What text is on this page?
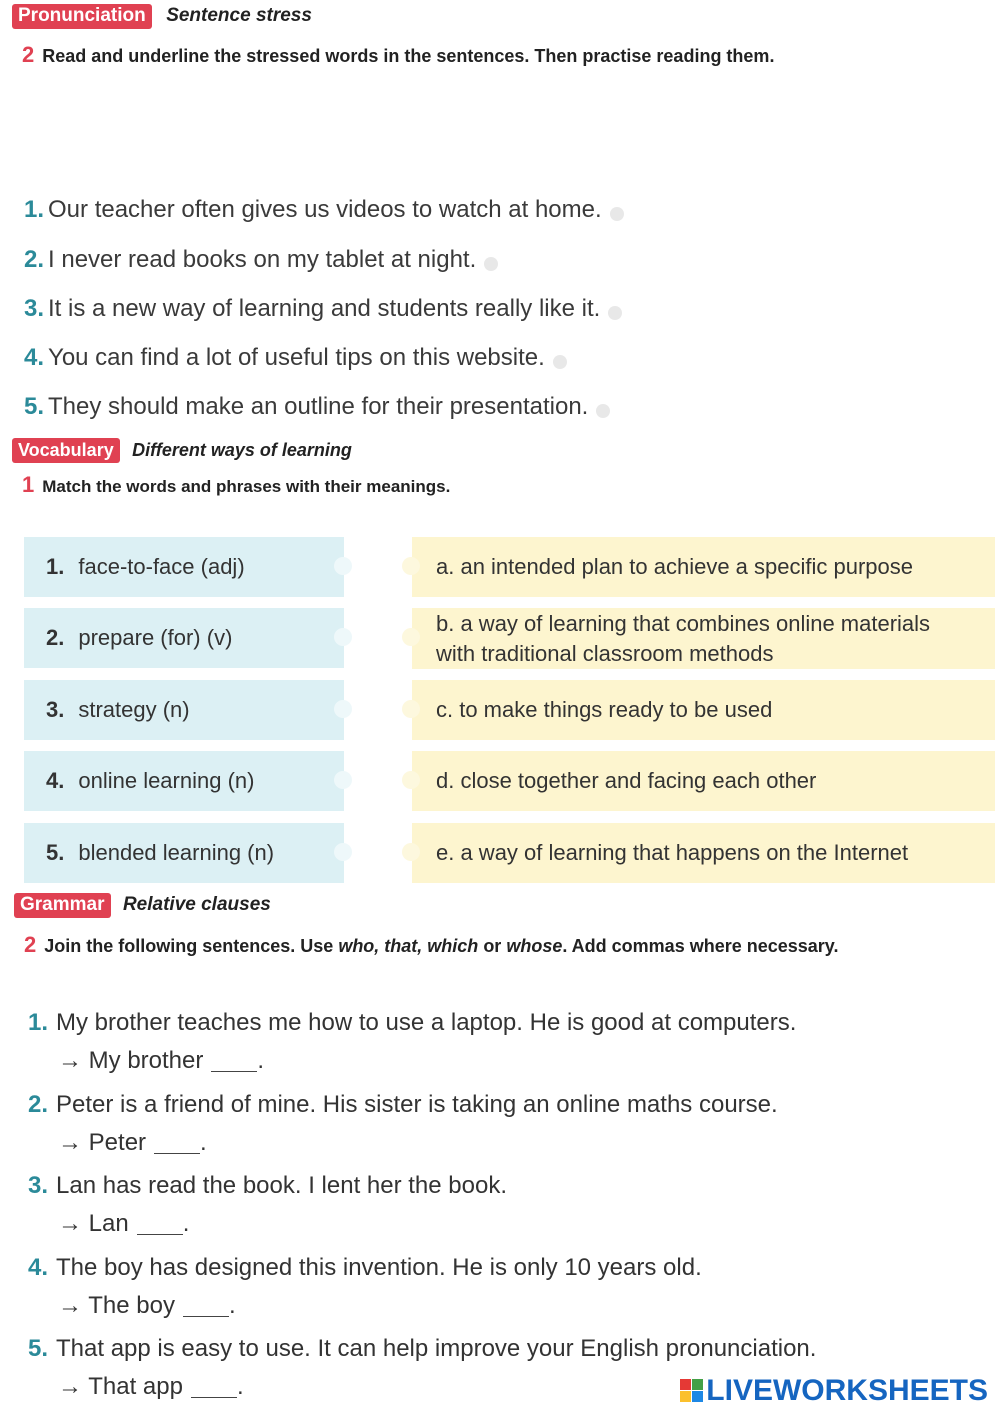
Pronunciation Sentence stress
2 Read and underline the stressed words in the sentences. Then practise reading them.
1. Our teacher often gives us videos to watch at home.
2. I never read books on my tablet at night.
3. It is a new way of learning and students really like it.
4. You can find a lot of useful tips on this website.
5. They should make an outline for their presentation.
Vocabulary Different ways of learning
1 Match the words and phrases with their meanings.
1. face-to-face (adj)
2. prepare (for) (v)
3. strategy (n)
4. online learning (n)
5. blended learning (n)
a. an intended plan to achieve a specific purpose
b. a way of learning that combines online materials with traditional classroom methods
c. to make things ready to be used
d. close together and facing each other
e. a way of learning that happens on the Internet
Grammar Relative clauses
2 Join the following sentences. Use who, that, which or whose. Add commas where necessary.
1. My brother teaches me how to use a laptop. He is good at computers.
→ My brother .
2. Peter is a friend of mine. His sister is taking an online maths course.
→ Peter .
3. Lan has read the book. I lent her the book.
→ Lan .
4. The boy has designed this invention. He is only 10 years old.
→ The boy .
5. That app is easy to use. It can help improve your English pronunciation.
→ That app .	LIVEWORKSHEETS
